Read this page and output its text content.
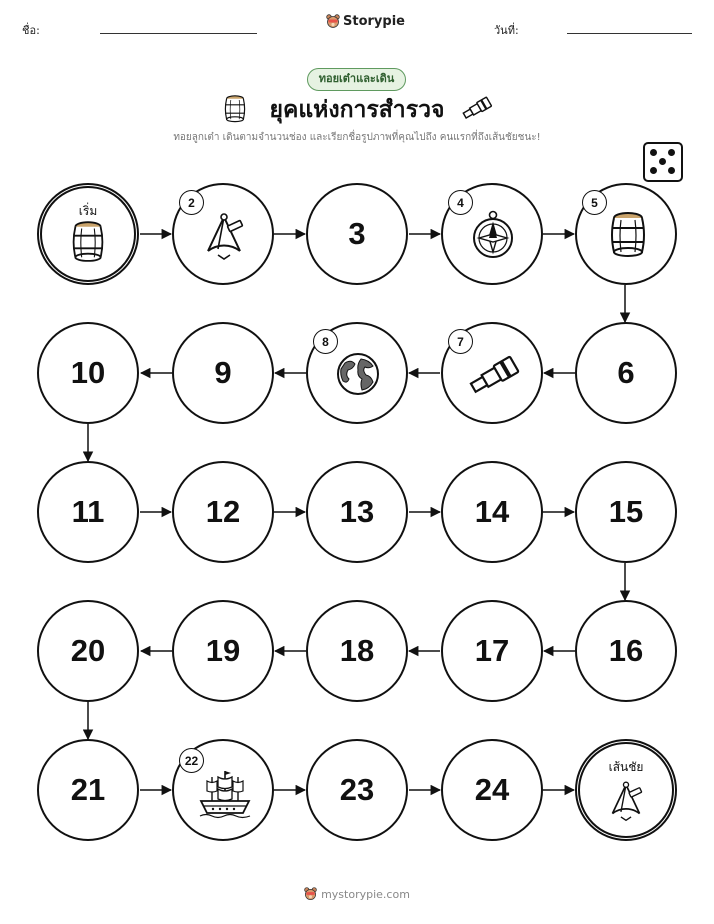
ชื่อ:
Storypie
วันที่:
ทอยเต๋าและเดิน
ยุคแห่งการสำรวจ
ทอยลูกเต๋า เดินตามจำนวนช่อง และเรียกชื่อรูปภาพที่คุณไปถึง คนแรกที่ถึงเส้นชัยชนะ!
เริ่ม
2
3
4	5
10	9
8	7
6
11	12	13	14	15
20	19	18	17	16
21
22
23	24
เส้นชัย
mystorypie.com
